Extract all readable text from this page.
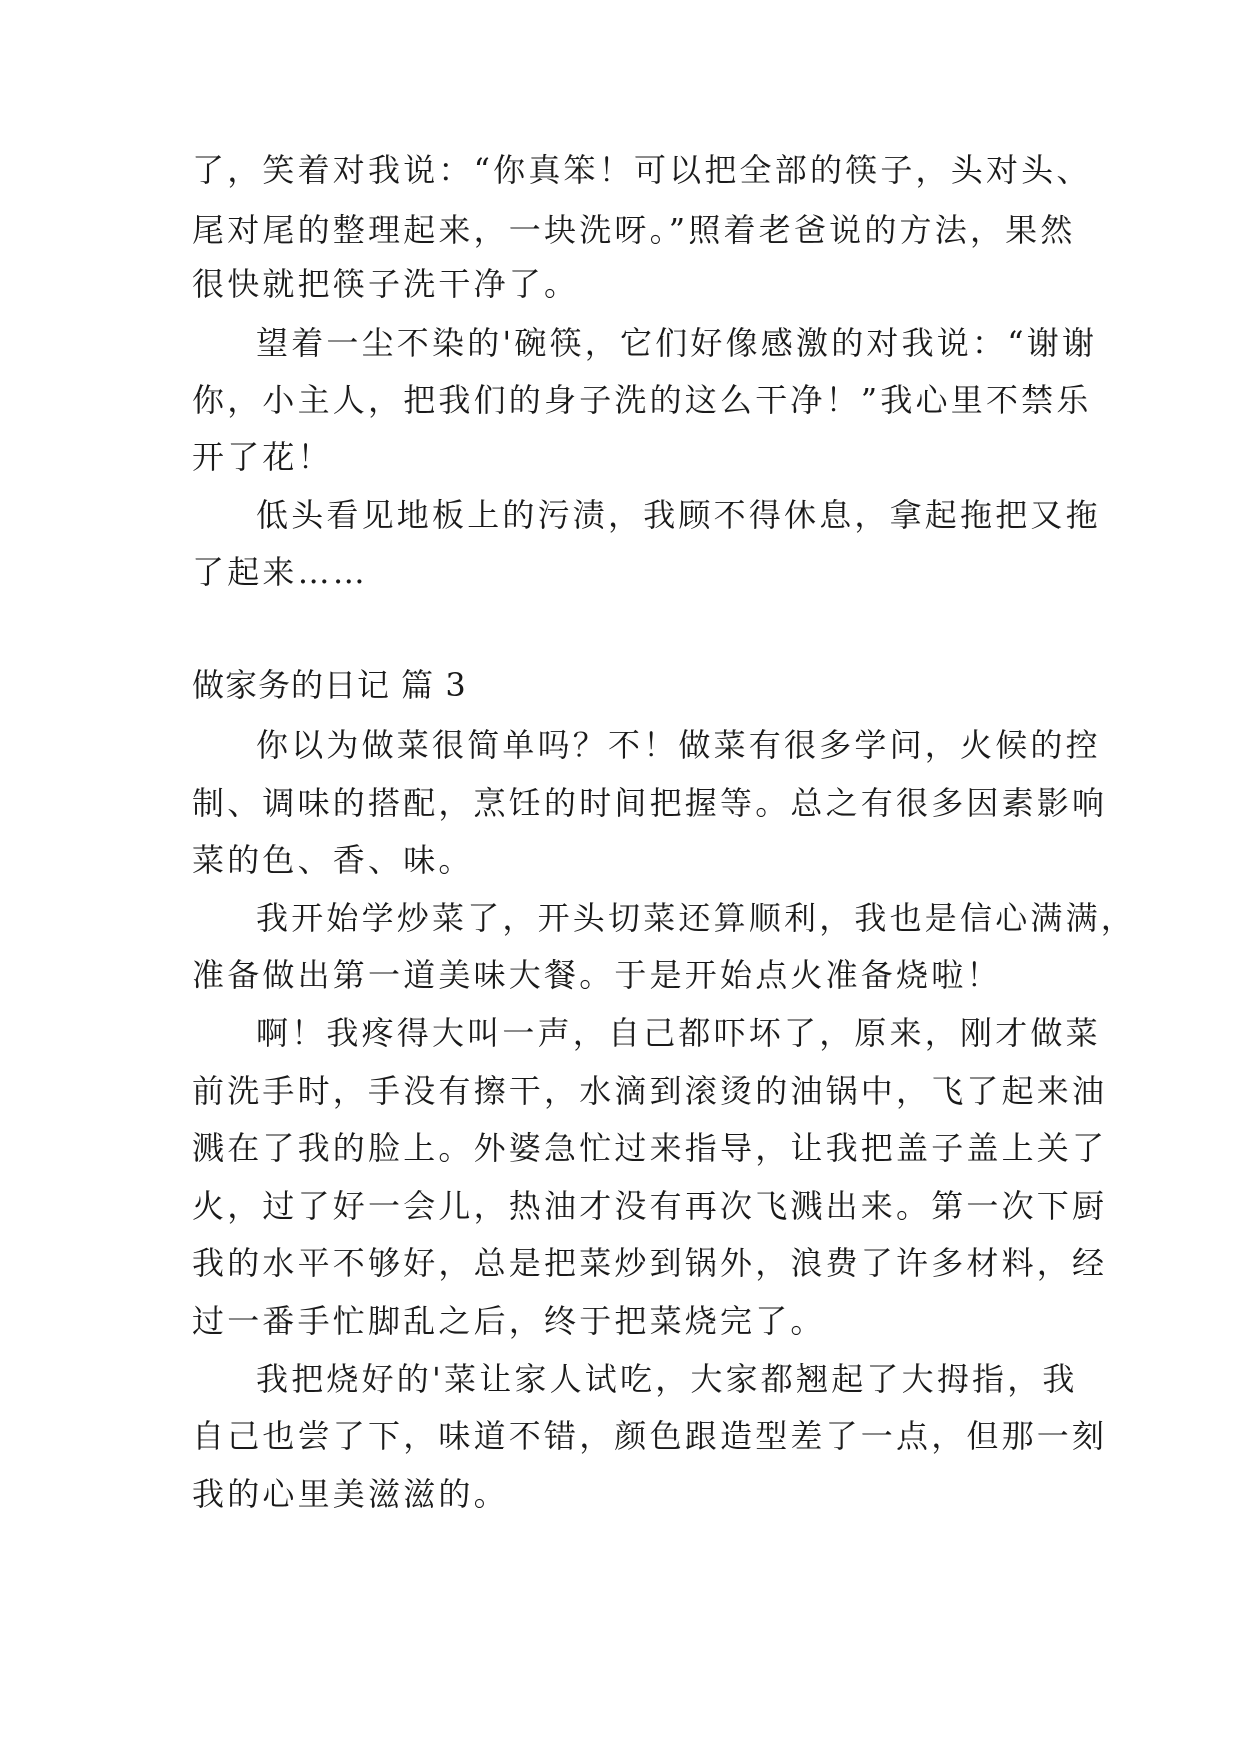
了，笑着对我说：“你真笨！可以把全部的筷子，头对头、
尾对尾的整理起来，一块洗呀。”照着老爸说的方法，果然
很快就把筷子洗干净了。
望着一尘不染的'碗筷，它们好像感激的对我说：“谢谢
你，小主人，把我们的身子洗的这么干净！”我心里不禁乐
开了花！
低头看见地板上的污渍，我顾不得休息，拿起拖把又拖
了起来……
做家务的日记 篇 3
你以为做菜很简单吗？不！做菜有很多学问，火候的控
制、调味的搭配，烹饪的时间把握等。总之有很多因素影响
菜的色、香、味。
我开始学炒菜了，开头切菜还算顺利，我也是信心满满，
准备做出第一道美味大餐。于是开始点火准备烧啦！
啊！我疼得大叫一声，自己都吓坏了，原来，刚才做菜
前洗手时，手没有擦干，水滴到滚烫的油锅中，飞了起来油
溅在了我的脸上。外婆急忙过来指导，让我把盖子盖上关了
火，过了好一会儿，热油才没有再次飞溅出来。第一次下厨
我的水平不够好，总是把菜炒到锅外，浪费了许多材料，经
过一番手忙脚乱之后，终于把菜烧完了。
我把烧好的'菜让家人试吃，大家都翘起了大拇指，我
自己也尝了下，味道不错，颜色跟造型差了一点，但那一刻
我的心里美滋滋的。
